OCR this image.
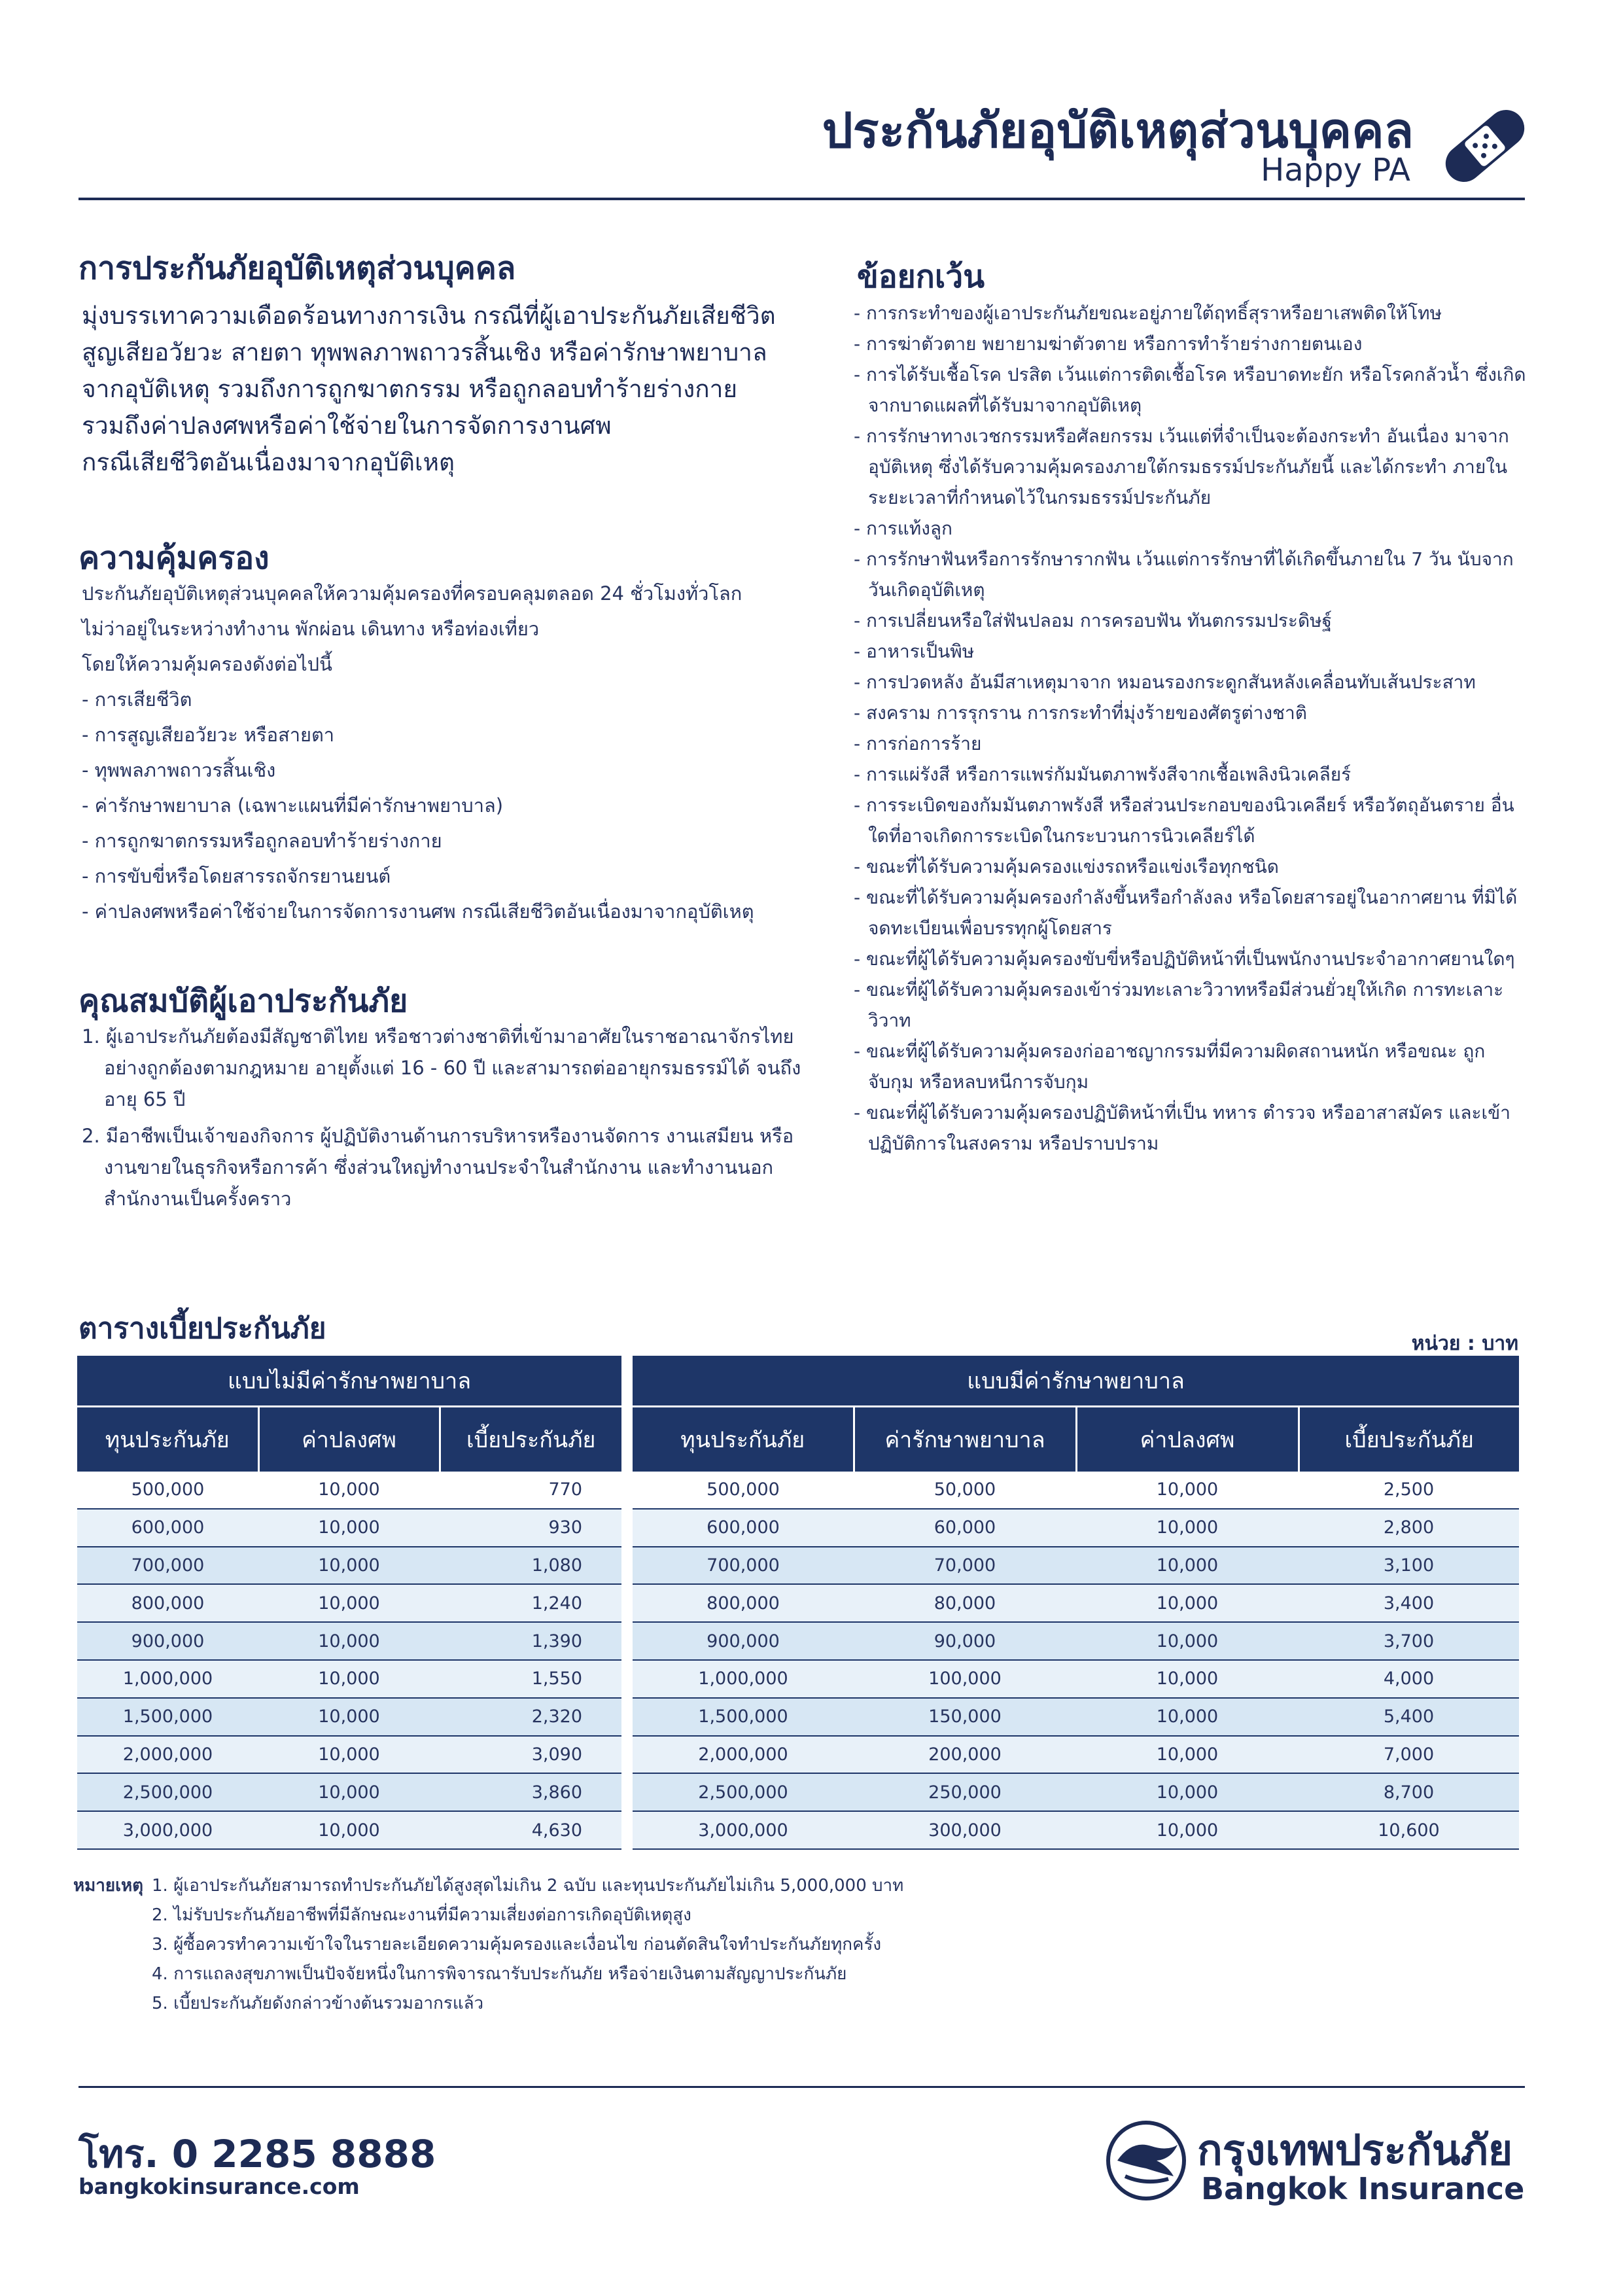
ประกันภัยอุบัติเหตุส่วนบุคคล
Happy PA
การประกันภัยอุบัติเหตุส่วนบุคคล
มุ่งบรรเทาความเดือดร้อนทางการเงิน กรณีที่ผู้เอาประกันภัยเสียชีวิต
สูญเสียอวัยวะ สายตา ทุพพลภาพถาวรสิ้นเชิง หรือค่ารักษาพยาบาล
จากอุบัติเหตุ รวมถึงการถูกฆาตกรรม หรือถูกลอบทำร้ายร่างกาย
รวมถึงค่าปลงศพหรือค่าใช้จ่ายในการจัดการงานศพ
กรณีเสียชีวิตอันเนื่องมาจากอุบัติเหตุ
ความคุ้มครอง
ประกันภัยอุบัติเหตุส่วนบุคคลให้ความคุ้มครองที่ครอบคลุมตลอด 24 ชั่วโมงทั่วโลก
ไม่ว่าอยู่ในระหว่างทำงาน พักผ่อน เดินทาง หรือท่องเที่ยว
โดยให้ความคุ้มครองดังต่อไปนี้
- การเสียชีวิต
- การสูญเสียอวัยวะ หรือสายตา
- ทุพพลภาพถาวรสิ้นเชิง
- ค่ารักษาพยาบาล (เฉพาะแผนที่มีค่ารักษาพยาบาล)
- การถูกฆาตกรรมหรือถูกลอบทำร้ายร่างกาย
- การขับขี่หรือโดยสารรถจักรยานยนต์
- ค่าปลงศพหรือค่าใช้จ่ายในการจัดการงานศพ กรณีเสียชีวิตอันเนื่องมาจากอุบัติเหตุ
คุณสมบัติผู้เอาประกันภัย
1. ผู้เอาประกันภัยต้องมีสัญชาติไทย หรือชาวต่างชาติที่เข้ามาอาศัยในราชอาณาจักรไทย อย่างถูกต้องตามกฎหมาย อายุตั้งแต่ 16 - 60 ปี และสามารถต่ออายุกรมธรรม์ได้ จนถึงอายุ 65 ปี
2. มีอาชีพเป็นเจ้าของกิจการ ผู้ปฏิบัติงานด้านการบริหารหรืองานจัดการ งานเสมียน หรือ งานขายในธุรกิจหรือการค้า ซึ่งส่วนใหญ่ทำงานประจำในสำนักงาน และทำงานนอก สำนักงานเป็นครั้งคราว
ข้อยกเว้น
- การกระทำของผู้เอาประกันภัยขณะอยู่ภายใต้ฤทธิ์สุราหรือยาเสพติดให้โทษ
- การฆ่าตัวตาย พยายามฆ่าตัวตาย หรือการทำร้ายร่างกายตนเอง
- การได้รับเชื้อโรค ปรสิต เว้นแต่การติดเชื้อโรค หรือบาดทะยัก หรือโรคกลัวน้ำ ซึ่งเกิดจากบาดแผลที่ได้รับมาจากอุบัติเหตุ
- การรักษาทางเวชกรรมหรือศัลยกรรม เว้นแต่ที่จำเป็นจะต้องกระทำ อันเนื่อง มาจากอุบัติเหตุ ซึ่งได้รับความคุ้มครองภายใต้กรมธรรม์ประกันภัยนี้ และได้กระทำ ภายในระยะเวลาที่กำหนดไว้ในกรมธรรม์ประกันภัย
- การแท้งลูก
- การรักษาฟันหรือการรักษารากฟัน เว้นแต่การรักษาที่ได้เกิดขึ้นภายใน 7 วัน นับจากวันเกิดอุบัติเหตุ
- การเปลี่ยนหรือใส่ฟันปลอม การครอบฟัน ทันตกรรมประดิษฐ์
- อาหารเป็นพิษ
- การปวดหลัง อันมีสาเหตุมาจาก หมอนรองกระดูกสันหลังเคลื่อนทับเส้นประสาท
- สงคราม การรุกราน การกระทำที่มุ่งร้ายของศัตรูต่างชาติ
- การก่อการร้าย
- การแผ่รังสี หรือการแพร่กัมมันตภาพรังสีจากเชื้อเพลิงนิวเคลียร์
- การระเบิดของกัมมันตภาพรังสี หรือส่วนประกอบของนิวเคลียร์ หรือวัตถุอันตราย อื่นใดที่อาจเกิดการระเบิดในกระบวนการนิวเคลียร์ได้
- ขณะที่ได้รับความคุ้มครองแข่งรถหรือแข่งเรือทุกชนิด
- ขณะที่ได้รับความคุ้มครองกำลังขึ้นหรือกำลังลง หรือโดยสารอยู่ในอากาศยาน ที่มิได้จดทะเบียนเพื่อบรรทุกผู้โดยสาร
- ขณะที่ผู้ได้รับความคุ้มครองขับขี่หรือปฏิบัติหน้าที่เป็นพนักงานประจำอากาศยานใดๆ
- ขณะที่ผู้ได้รับความคุ้มครองเข้าร่วมทะเลาะวิวาทหรือมีส่วนยั่วยุให้เกิด การทะเลาะวิวาท
- ขณะที่ผู้ได้รับความคุ้มครองก่ออาชญากรรมที่มีความผิดสถานหนัก หรือขณะ ถูกจับกุม หรือหลบหนีการจับกุม
- ขณะที่ผู้ได้รับความคุ้มครองปฏิบัติหน้าที่เป็น ทหาร ตำรวจ หรืออาสาสมัคร และเข้าปฏิบัติการในสงคราม หรือปราบปราม
ตารางเบี้ยประกันภัย	หน่วย : บาท
แบบไม่มีค่ารักษาพยาบาล		
ทุนประกันภัย	ค่าปลงศพ	เบี้ยประกันภัย
500,000	10,000	770
600,000	10,000	930
700,000	10,000	1,080
800,000	10,000	1,240
900,000	10,000	1,390
1,000,000	10,000	1,550
1,500,000	10,000	2,320
2,000,000	10,000	3,090
2,500,000	10,000	3,860
3,000,000	10,000	4,630
แบบมีค่ารักษาพยาบาล			
ทุนประกันภัย	ค่ารักษาพยาบาล	ค่าปลงศพ	เบี้ยประกันภัย
500,000	50,000	10,000	2,500
600,000	60,000	10,000	2,800
700,000	70,000	10,000	3,100
800,000	80,000	10,000	3,400
900,000	90,000	10,000	3,700
1,000,000	100,000	10,000	4,000
1,500,000	150,000	10,000	5,400
2,000,000	200,000	10,000	7,000
2,500,000	250,000	10,000	8,700
3,000,000	300,000	10,000	10,600
หมายเหตุ 1. ผู้เอาประกันภัยสามารถทำประกันภัยได้สูงสุดไม่เกิน 2 ฉบับ และทุนประกันภัยไม่เกิน 5,000,000 บาท
2. ไม่รับประกันภัยอาชีพที่มีลักษณะงานที่มีความเสี่ยงต่อการเกิดอุบัติเหตุสูง
3. ผู้ซื้อควรทำความเข้าใจในรายละเอียดความคุ้มครองและเงื่อนไข ก่อนตัดสินใจทำประกันภัยทุกครั้ง
4. การแถลงสุขภาพเป็นปัจจัยหนึ่งในการพิจารณารับประกันภัย หรือจ่ายเงินตามสัญญาประกันภัย
5. เบี้ยประกันภัยดังกล่าวข้างต้นรวมอากรแล้ว
โทร. 0 2285 8888
bangkokinsurance.com
กรุงเทพประกันภัย
Bangkok Insurance
